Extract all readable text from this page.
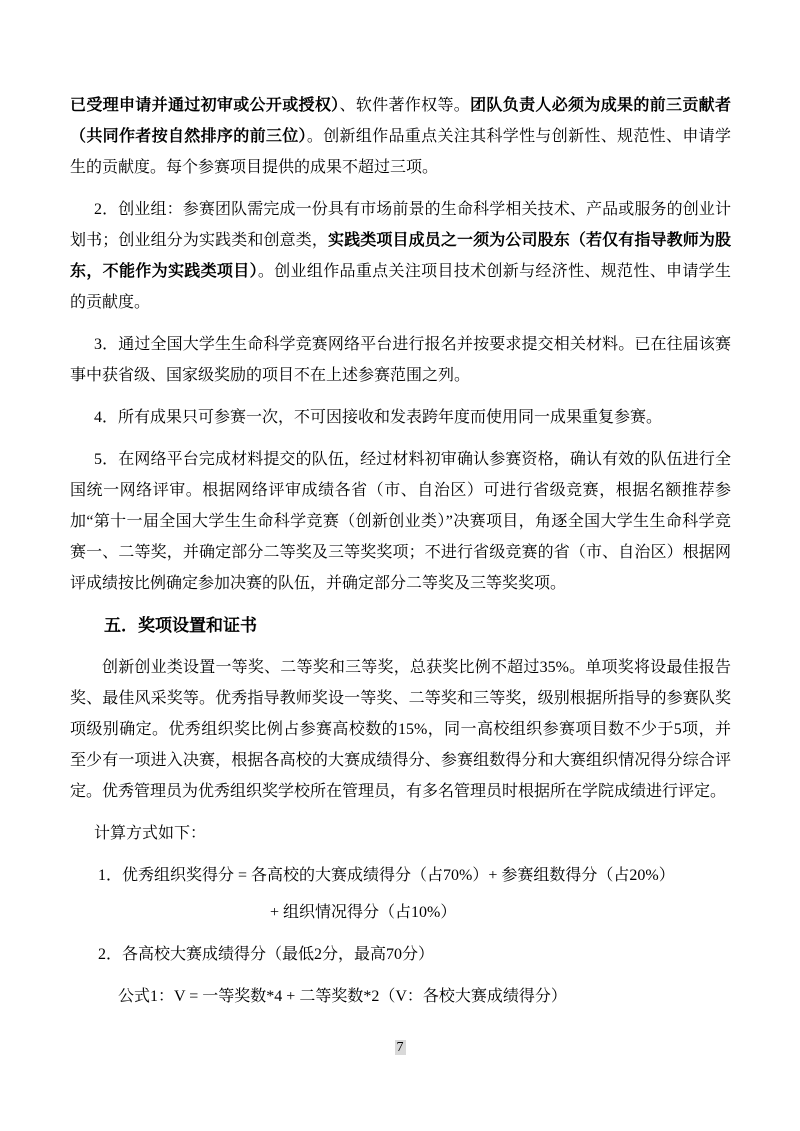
已受理申请并通过初审或公开或授权）、软件著作权等。团队负责人必须为成果的前三贡献者（共同作者按自然排序的前三位）。创新组作品重点关注其科学性与创新性、规范性、申请学生的贡献度。每个参赛项目提供的成果不超过三项。

2．创业组：参赛团队需完成一份具有市场前景的生命科学相关技术、产品或服务的创业计划书；创业组分为实践类和创意类，实践类项目成员之一须为公司股东（若仅有指导教师为股东，不能作为实践类项目）。创业组作品重点关注项目技术创新与经济性、规范性、申请学生的贡献度。

3．通过全国大学生生命科学竞赛网络平台进行报名并按要求提交相关材料。已在往届该赛事中获省级、国家级奖励的项目不在上述参赛范围之列。

4．所有成果只可参赛一次，不可因接收和发表跨年度而使用同一成果重复参赛。

5．在网络平台完成材料提交的队伍，经过材料初审确认参赛资格，确认有效的队伍进行全国统一网络评审。根据网络评审成绩各省（市、自治区）可进行省级竞赛，根据名额推荐参加“第十一届全国大学生生命科学竞赛（创新创业类）”决赛项目，角逐全国大学生生命科学竞赛一、二等奖，并确定部分二等奖及三等奖奖项；不进行省级竞赛的省（市、自治区）根据网评成绩按比例确定参加决赛的队伍，并确定部分二等奖及三等奖奖项。

五．奖项设置和证书

创新创业类设置一等奖、二等奖和三等奖，总获奖比例不超过35%。单项奖将设最佳报告奖、最佳风采奖等。优秀指导教师奖设一等奖、二等奖和三等奖，级别根据所指导的参赛队奖项级别确定。优秀组织奖比例占参赛高校数的15%，同一高校组织参赛项目数不少于5项，并至少有一项进入决赛，根据各高校的大赛成绩得分、参赛组数得分和大赛组织情况得分综合评定。优秀管理员为优秀组织奖学校所在管理员，有多名管理员时根据所在学院成绩进行评定。

计算方式如下：

1．优秀组织奖得分 = 各高校的大赛成绩得分（占70%）+ 参赛组数得分（占20%）

+ 组织情况得分（占10%）

2．各高校大赛成绩得分（最低2分，最高70分）

公式1：V = 一等奖数*4 + 二等奖数*2（V：各校大赛成绩得分）

7
